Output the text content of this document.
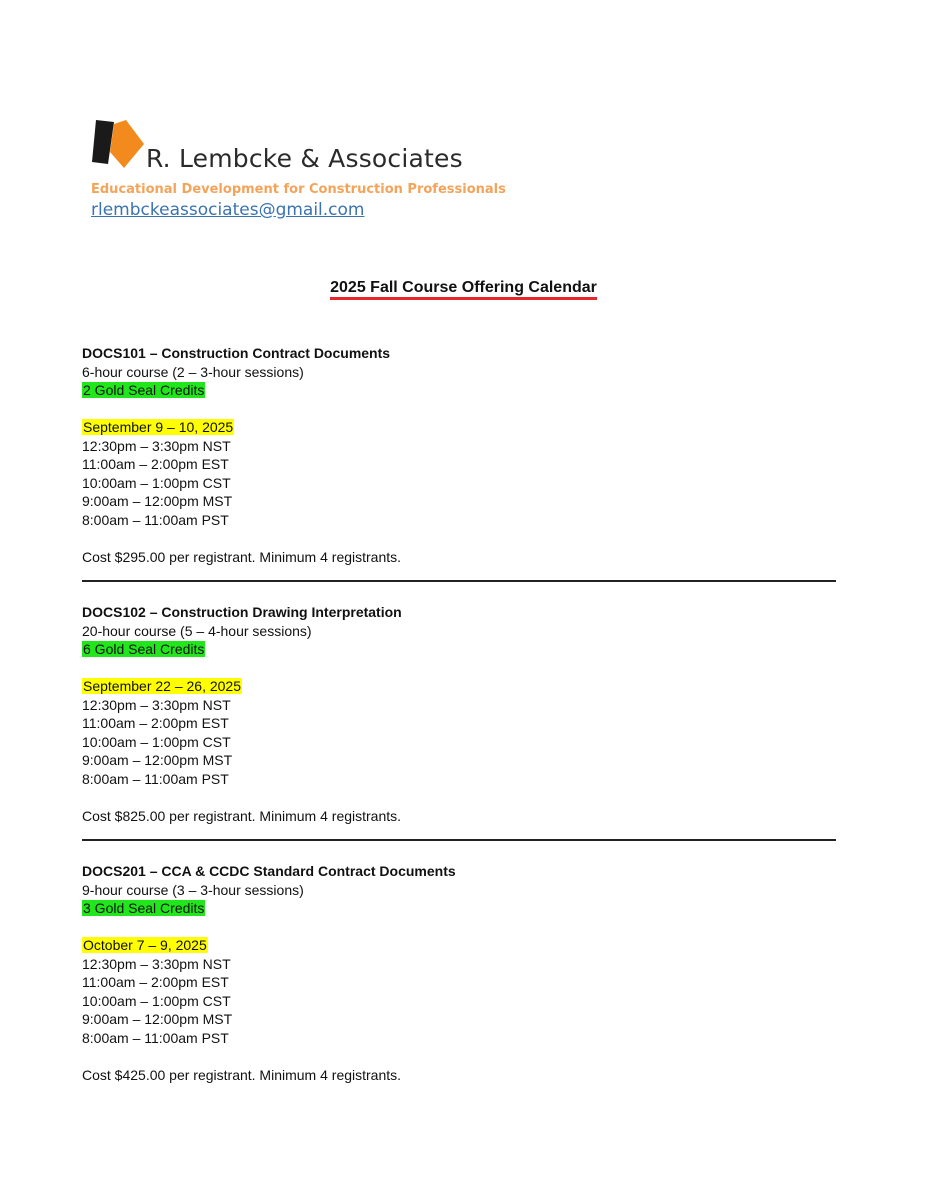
R. Lembcke & Associates
Educational Development for Construction Professionals
rlembckeassociates@gmail.com
2025 Fall Course Offering Calendar
DOCS101 – Construction Contract Documents
6-hour course (2 – 3-hour sessions)
2 Gold Seal Credits
September 9 – 10, 2025
12:30pm – 3:30pm NST
11:00am – 2:00pm EST
10:00am – 1:00pm CST
9:00am – 12:00pm MST
8:00am – 11:00am PST
Cost $295.00 per registrant. Minimum 4 registrants.
DOCS102 – Construction Drawing Interpretation
20-hour course (5 – 4-hour sessions)
6 Gold Seal Credits
September 22 – 26, 2025
12:30pm – 3:30pm NST
11:00am – 2:00pm EST
10:00am – 1:00pm CST
9:00am – 12:00pm MST
8:00am – 11:00am PST
Cost $825.00 per registrant. Minimum 4 registrants.
DOCS201 – CCA & CCDC Standard Contract Documents
9-hour course (3 – 3-hour sessions)
3 Gold Seal Credits
October 7 – 9, 2025
12:30pm – 3:30pm NST
11:00am – 2:00pm EST
10:00am – 1:00pm CST
9:00am – 12:00pm MST
8:00am – 11:00am PST
Cost $425.00 per registrant. Minimum 4 registrants.
